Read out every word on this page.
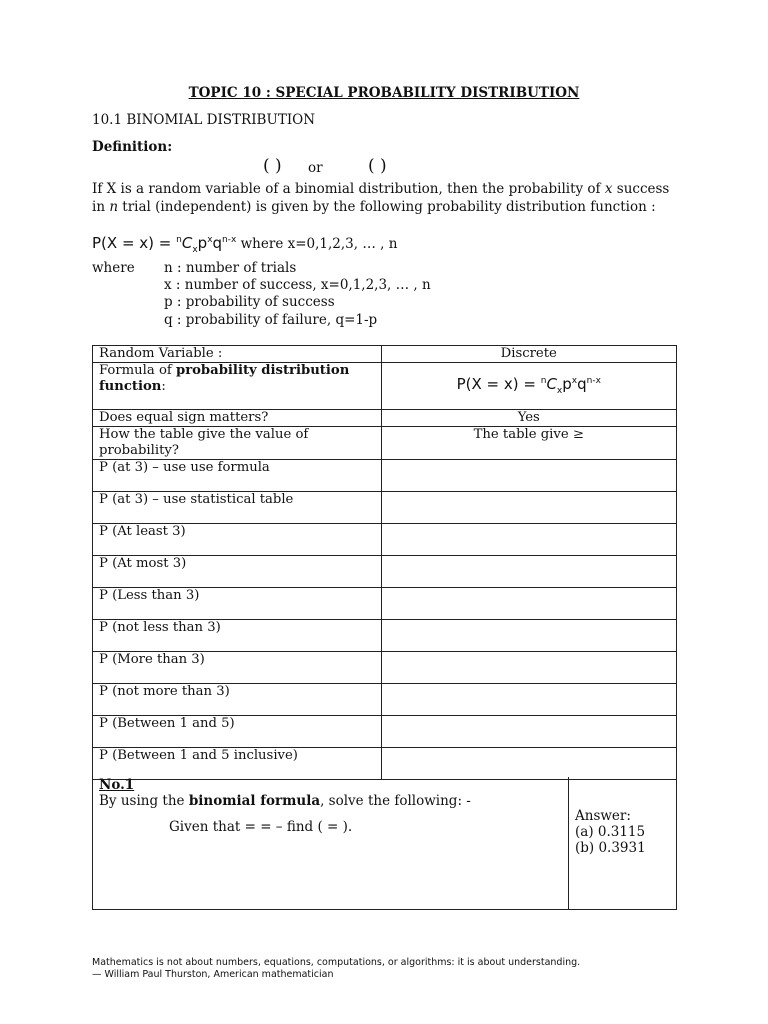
TOPIC 10 : SPECIAL PROBABILITY DISTRIBUTION
10.1 BINOMIAL DISTRIBUTION
Definition:
( ) or	( )
If X is a random variable of a binomial distribution, then the probability of x success in n trial (independent) is given by the following probability distribution function :
$P(X = x) = ^nC_xp^xq^{n-x}$ where x=0,1,2,3, … , n
where n : number of trials
x : number of success, x=0,1,2,3, … , n
p : probability of success
q : probability of failure, q=1-p
Random Variable :	Discrete
Formula of probability distribution function:	$P(X = x) = ^nC_xp^xq^{n-x}$
Does equal sign matters?	Yes
How the table give the value of probability?	The table give ≥
P (at 3) – use use formula	
P (at 3) – use statistical table	
P (At least 3)	
P (At most 3)	
P (Less than 3)	
P (not less than 3)	
P (More than 3)	
P (not more than 3)	
P (Between 1 and 5)	
P (Between 1 and 5 inclusive)	
No.1
By using the binomial formula, solve the following: -
Given that = = – find ( = ).
Answer:
(a) 0.3115
(b) 0.3931
Mathematics is not about numbers, equations, computations, or algorithms: it is about understanding.
— William Paul Thurston, American mathematician
